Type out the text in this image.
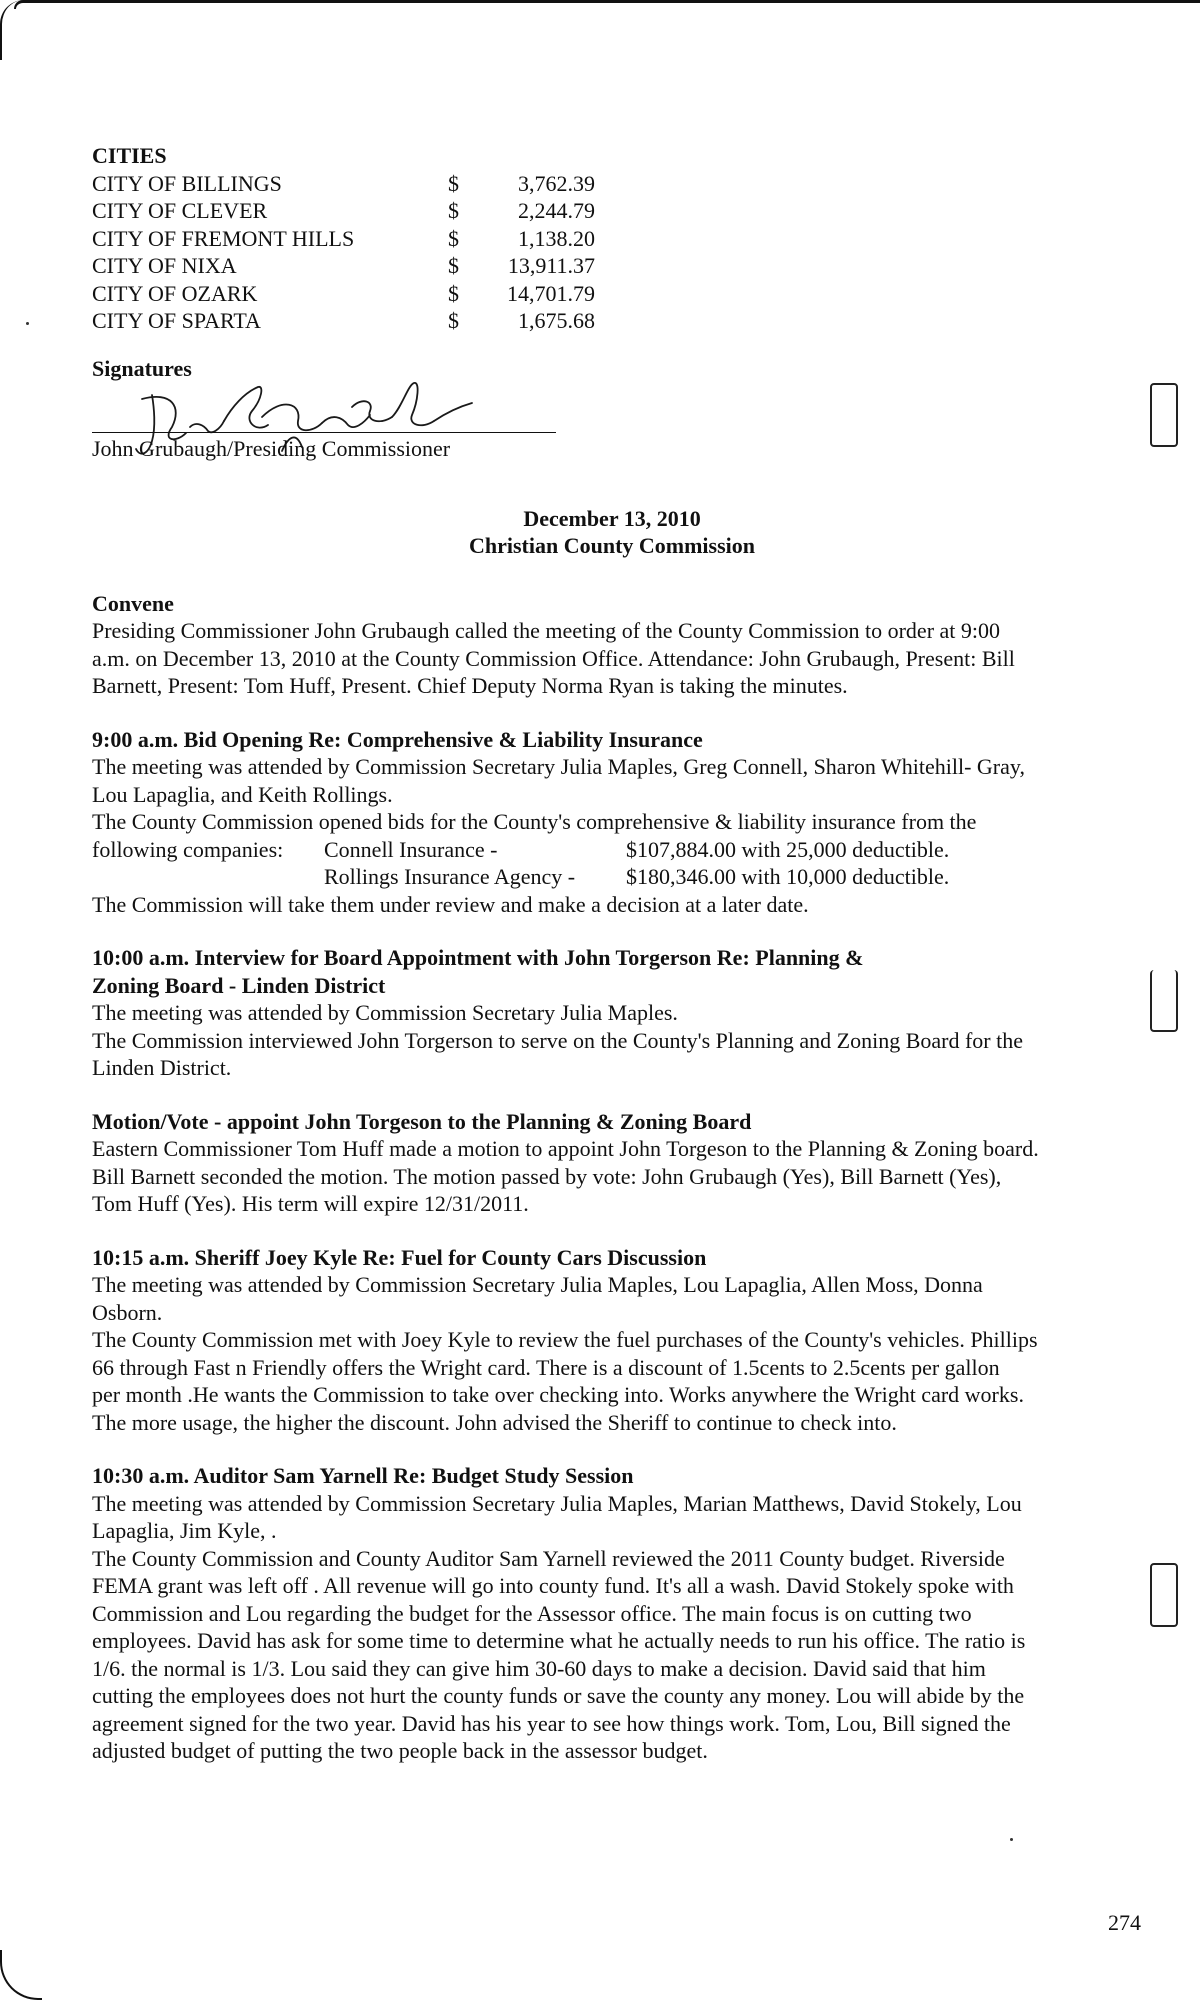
CITIES
CITY OF BILLINGS	$	3,762.39
CITY OF CLEVER	$	2,244.79
CITY OF FREMONT HILLS	$	1,138.20
CITY OF NIXA	$	13,911.37
CITY OF OZARK	$	14,701.79
CITY OF SPARTA	$	1,675.68
Signatures
John Grubaugh/Presiding Commissioner
December 13, 2010
Christian County Commission
Convene
Presiding Commissioner John Grubaugh called the meeting of the County Commission to order at 9:00
a.m. on December 13, 2010 at the County Commission Office. Attendance: John Grubaugh, Present: Bill
Barnett, Present: Tom Huff, Present. Chief Deputy Norma Ryan is taking the minutes.
9:00 a.m. Bid Opening Re: Comprehensive & Liability Insurance
The meeting was attended by Commission Secretary Julia Maples, Greg Connell, Sharon Whitehill- Gray,
Lou Lapaglia, and Keith Rollings.
The County Commission opened bids for the County's comprehensive & liability insurance from the
following companies:	Connell Insurance -	$107,884.00 with 25,000 deductible.
Rollings Insurance Agency -	$180,346.00 with 10,000 deductible.
The Commission will take them under review and make a decision at a later date.
10:00 a.m. Interview for Board Appointment with John Torgerson Re: Planning &
Zoning Board - Linden District
The meeting was attended by Commission Secretary Julia Maples.
The Commission interviewed John Torgerson to serve on the County's Planning and Zoning Board for the
Linden District.
Motion/Vote - appoint John Torgeson to the Planning & Zoning Board
Eastern Commissioner Tom Huff made a motion to appoint John Torgeson to the Planning & Zoning board.
Bill Barnett seconded the motion. The motion passed by vote: John Grubaugh (Yes), Bill Barnett (Yes),
Tom Huff (Yes). His term will expire 12/31/2011.
10:15 a.m. Sheriff Joey Kyle Re: Fuel for County Cars Discussion
The meeting was attended by Commission Secretary Julia Maples, Lou Lapaglia, Allen Moss, Donna
Osborn.
The County Commission met with Joey Kyle to review the fuel purchases of the County's vehicles. Phillips
66 through Fast n Friendly offers the Wright card. There is a discount of 1.5cents to 2.5cents per gallon
per month .He wants the Commission to take over checking into. Works anywhere the Wright card works.
The more usage, the higher the discount. John advised the Sheriff to continue to check into.
10:30 a.m. Auditor Sam Yarnell Re: Budget Study Session
The meeting was attended by Commission Secretary Julia Maples, Marian Matthews, David Stokely, Lou
Lapaglia, Jim Kyle, .
The County Commission and County Auditor Sam Yarnell reviewed the 2011 County budget. Riverside
FEMA grant was left off . All revenue will go into county fund. It's all a wash. David Stokely spoke with
Commission and Lou regarding the budget for the Assessor office. The main focus is on cutting two
employees. David has ask for some time to determine what he actually needs to run his office. The ratio is
1/6. the normal is 1/3. Lou said they can give him 30-60 days to make a decision. David said that him
cutting the employees does not hurt the county funds or save the county any money. Lou will abide by the
agreement signed for the two year. David has his year to see how things work. Tom, Lou, Bill signed the
adjusted budget of putting the two people back in the assessor budget.
274
